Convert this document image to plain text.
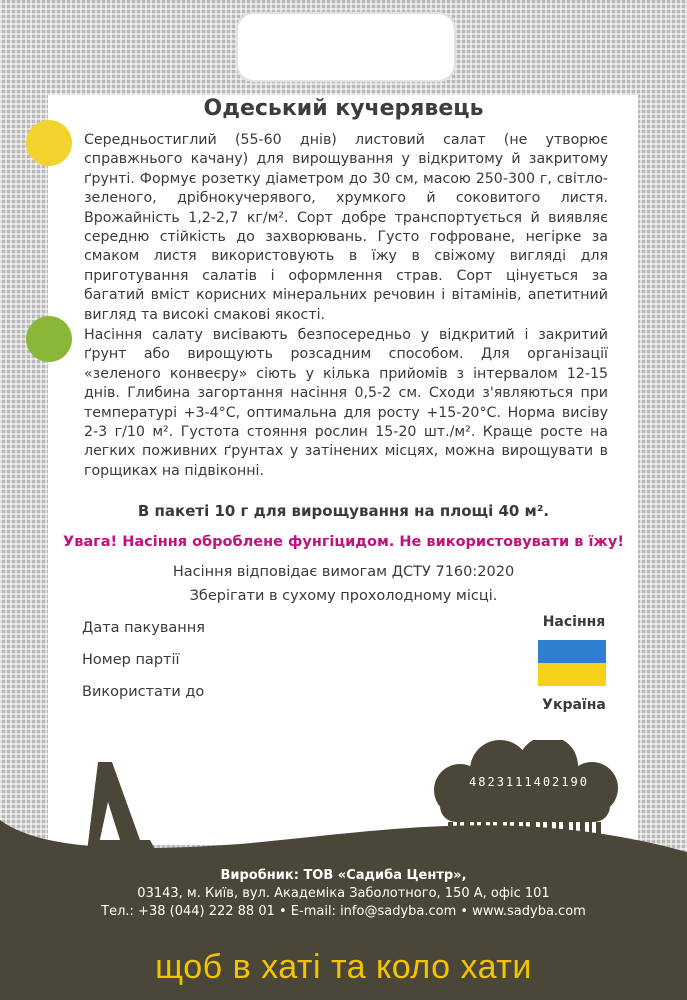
Одеський кучерявець

Середньостиглий (55-60 днів) листовий салат (не утворює справжнього качану) для вирощування у відкритому й закритому ґрунті. Формує розетку діаметром до 30 см, масою 250-300 г, світло-зеленого, дрібнокучерявого, хрумкого й соковитого листя. Врожайність 1,2-2,7 кг/м². Сорт добре транспортується й виявляє середню стійкість до захворювань. Густо гофроване, негірке за смаком листя використовують в їжу в свіжому вигляді для приготування салатів і оформлення страв. Сорт цінується за багатий вміст корисних мінеральних речовин і вітамінів, апетитний вигляд та високі смакові якості.

Насіння салату висівають безпосередньо у відкритий і закритий ґрунт або вирощують розсадним способом. Для організації «зеленого конвеєру» сіють у кілька прийомів з інтервалом 12-15 днів. Глибина загортання насіння 0,5-2 см. Сходи з'являються при температурі +3-4°C, оптимальна для росту +15-20°C. Норма висіву 2-3 г/10 м². Густота стояння рослин 15-20 шт./м². Краще росте на легких поживних ґрунтах у затінених місцях, можна вирощувати в горщиках на підвіконні.

В пакеті 10 г для вирощування на площі 40 м².

Увага! Насіння оброблене фунгіцидом. Не використовувати в їжу!

Насіння відповідає вимогам ДСТУ 7160:2020

Зберігати в сухому прохолодному місці.

Дата пакування

Номер партії

Використати до

Насіння
Україна
4823111402190

Виробник: ТОВ «Садиба Центр»,

03143, м. Київ, вул. Академіка Заболотного, 150 А, офіс 101

Тел.: +38 (044) 222 88 01 • E-mail: info@sadyba.com • www.sadyba.com

щоб в хаті та коло хати
